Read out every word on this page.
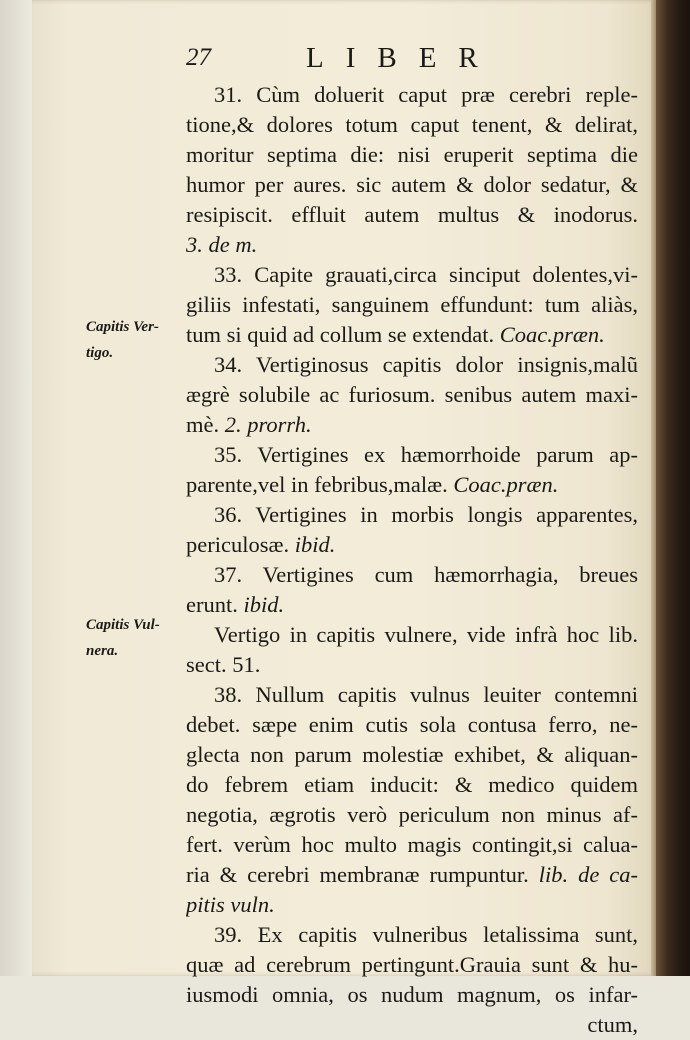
27	LIBER
Capitis Ver-
tigo.
Capitis Vul-
nera.
31. Cùm doluerit caput præ cerebri reple-
tione,& dolores totum caput tenent, & delirat,
moritur septima die: nisi eruperit septima die
humor per aures. sic autem & dolor sedatur, &
resipiscit. effluit autem multus & inodorus.
3. de m.
33. Capite grauati,circa sinciput dolentes,vi-
giliis infestati, sanguinem effundunt: tum aliàs,
tum si quid ad collum se extendat. Coac.præn.
34. Vertiginosus capitis dolor insignis,malũ
ægrè solubile ac furiosum. senibus autem maxi-
mè. 2. prorrh.
35. Vertigines ex hæmorrhoide parum ap-
parente,vel in febribus,malæ. Coac.præn.
36. Vertigines in morbis longis apparentes,
periculosæ. ibid.
37. Vertigines cum hæmorrhagia, breues
erunt. ibid.
Vertigo in capitis vulnere, vide infrà hoc lib.
sect. 51.
38. Nullum capitis vulnus leuiter contemni
debet. sæpe enim cutis sola contusa ferro, ne-
glecta non parum molestiæ exhibet, & aliquan-
do febrem etiam inducit: & medico quidem
negotia, ægrotis verò periculum non minus af-
fert. verùm hoc multo magis contingit,si calua-
ria & cerebri membranæ rumpuntur. lib. de ca-
pitis vuln.
39. Ex capitis vulneribus letalissima sunt,
quæ ad cerebrum pertingunt.Grauia sunt & hu-
iusmodi omnia, os nudum magnum, os infar-
ctum,
